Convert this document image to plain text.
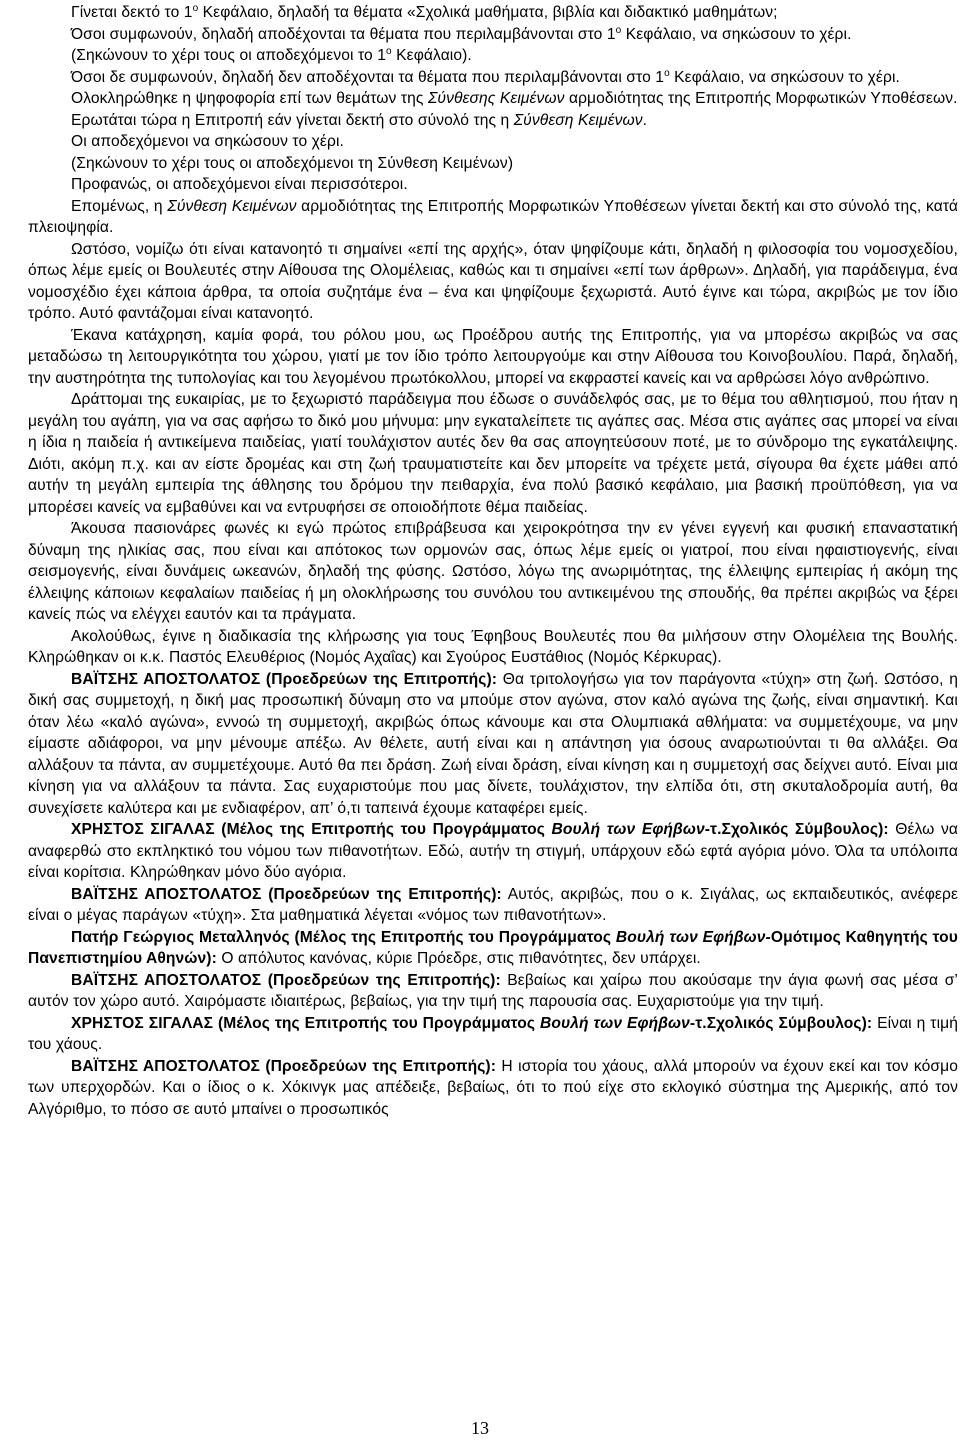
Γίνεται δεκτό το $1^o$ Κεφάλαιο, δηλαδή τα θέματα «Σχολικά μαθήματα, βιβλία και διδακτικό μαθημάτων;

Όσοι συμφωνούν, δηλαδή αποδέχονται τα θέματα που περιλαμβάνονται στο $1^o$ Κεφάλαιο, να σηκώσουν το χέρι.

(Σηκώνουν το χέρι τους οι αποδεχόμενοι το $1^o$ Κεφάλαιο).

Όσοι δε συμφωνούν, δηλαδή δεν αποδέχονται τα θέματα που περιλαμβάνονται στο $1^o$ Κεφάλαιο, να σηκώσουν το χέρι.

Ολοκληρώθηκε η ψηφοφορία επί των θεμάτων της Σύνθεσης Κειμένων αρμοδιότητας της Επιτροπής Μορφωτικών Υποθέσεων.

Ερωτάται τώρα η Επιτροπή εάν γίνεται δεκτή στο σύνολό της η Σύνθεση Κειμένων.

Οι αποδεχόμενοι να σηκώσουν το χέρι.

(Σηκώνουν το χέρι τους οι αποδεχόμενοι τη Σύνθεση Κειμένων)

Προφανώς, οι αποδεχόμενοι είναι περισσότεροι.

Επομένως, η Σύνθεση Κειμένων αρμοδιότητας της Επιτροπής Μορφωτικών Υποθέσεων γίνεται δεκτή και στο σύνολό της, κατά πλειοψηφία.

Ωστόσο, νομίζω ότι είναι κατανοητό τι σημαίνει «επί της αρχής», όταν ψηφίζουμε κάτι, δηλαδή η φιλοσοφία του νομοσχεδίου, όπως λέμε εμείς οι Βουλευτές στην Αίθουσα της Ολομέλειας, καθώς και τι σημαίνει «επί των άρθρων». Δηλαδή, για παράδειγμα, ένα νομοσχέδιο έχει κάποια άρθρα, τα οποία συζητάμε ένα – ένα και ψηφίζουμε ξεχωριστά. Αυτό έγινε και τώρα, ακριβώς με τον ίδιο τρόπο. Αυτό φαντάζομαι είναι κατανοητό.

Έκανα κατάχρηση, καμία φορά, του ρόλου μου, ως Προέδρου αυτής της Επιτροπής, για να μπορέσω ακριβώς να σας μεταδώσω τη λειτουργικότητα του χώρου, γιατί με τον ίδιο τρόπο λειτουργούμε και στην Αίθουσα του Κοινοβουλίου. Παρά, δηλαδή, την αυστηρότητα της τυπολογίας και του λεγομένου πρωτόκολλου, μπορεί να εκφραστεί κανείς και να αρθρώσει λόγο ανθρώπινο.

Δράττομαι της ευκαιρίας, με το ξεχωριστό παράδειγμα που έδωσε ο συνάδελφός σας, με το θέμα του αθλητισμού, που ήταν η μεγάλη του αγάπη, για να σας αφήσω το δικό μου μήνυμα: μην εγκαταλείπετε τις αγάπες σας. Μέσα στις αγάπες σας μπορεί να είναι η ίδια η παιδεία ή αντικείμενα παιδείας, γιατί τουλάχιστον αυτές δεν θα σας απογητεύσουν ποτέ, με το σύνδρομο της εγκατάλειψης. Διότι, ακόμη π.χ. και αν είστε δρομέας και στη ζωή τραυματιστείτε και δεν μπορείτε να τρέχετε μετά, σίγουρα θα έχετε μάθει από αυτήν τη μεγάλη εμπειρία της άθλησης του δρόμου την πειθαρχία, ένα πολύ βασικό κεφάλαιο, μια βασική προϋπόθεση, για να μπορέσει κανείς να εμβαθύνει και να εντρυφήσει σε οποιοδήποτε θέμα παιδείας.

Άκουσα πασιονάρες φωνές κι εγώ πρώτος επιβράβευσα και χειροκρότησα την εν γένει εγγενή και φυσική επαναστατική δύναμη της ηλικίας σας, που είναι και απότοκος των ορμονών σας, όπως λέμε εμείς οι γιατροί, που είναι ηφαιστιογενής, είναι σεισμογενής, είναι δυνάμεις ωκεανών, δηλαδή της φύσης. Ωστόσο, λόγω της ανωριμότητας, της έλλειψης εμπειρίας ή ακόμη της έλλειψης κάποιων κεφαλαίων παιδείας ή μη ολοκλήρωσης του συνόλου του αντικειμένου της σπουδής, θα πρέπει ακριβώς να ξέρει κανείς πώς να ελέγχει εαυτόν και τα πράγματα.

Ακολούθως, έγινε η διαδικασία της κλήρωσης για τους Έφηβους Βουλευτές που θα μιλήσουν στην Ολομέλεια της Βουλής. Κληρώθηκαν οι κ.κ. Παστός Ελευθέριος (Νομός Αχαΐας) και Σγούρος Ευστάθιος (Νομός Κέρκυρας).

ΒΑΪΤΣΗΣ ΑΠΟΣΤΟΛΑΤΟΣ (Προεδρεύων της Επιτροπής): Θα τριτολογήσω για τον παράγοντα «τύχη» στη ζωή. Ωστόσο, η δική σας συμμετοχή, η δική μας προσωπική δύναμη στο να μπούμε στον αγώνα, στον καλό αγώνα της ζωής, είναι σημαντική. Και όταν λέω «καλό αγώνα», εννοώ τη συμμετοχή, ακριβώς όπως κάνουμε και στα Ολυμπιακά αθλήματα: να συμμετέχουμε, να μην είμαστε αδιάφοροι, να μην μένουμε απέξω. Αν θέλετε, αυτή είναι και η απάντηση για όσους αναρωτιούνται τι θα αλλάξει. Θα αλλάξουν τα πάντα, αν συμμετέχουμε. Αυτό θα πει δράση. Ζωή είναι δράση, είναι κίνηση και η συμμετοχή σας δείχνει αυτό. Είναι μια κίνηση για να αλλάξουν τα πάντα. Σας ευχαριστούμε που μας δίνετε, τουλάχιστον, την ελπίδα ότι, στη σκυταλοδρομία αυτή, θα συνεχίσετε καλύτερα και με ενδιαφέρον, απ’ ό,τι ταπεινά έχουμε καταφέρει εμείς.

ΧΡΗΣΤΟΣ ΣΙΓΑΛΑΣ (Μέλος της Επιτροπής του Προγράμματος Βουλή των Εφήβων-τ.Σχολικός Σύμβουλος): Θέλω να αναφερθώ στο εκπληκτικό του νόμου των πιθανοτήτων. Εδώ, αυτήν τη στιγμή, υπάρχουν εδώ εφτά αγόρια μόνο. Όλα τα υπόλοιπα είναι κορίτσια. Κληρώθηκαν μόνο δύο αγόρια.

ΒΑΪΤΣΗΣ ΑΠΟΣΤΟΛΑΤΟΣ (Προεδρεύων της Επιτροπής): Αυτός, ακριβώς, που ο κ. Σιγάλας, ως εκπαιδευτικός, ανέφερε είναι ο μέγας παράγων «τύχη». Στα μαθηματικά λέγεται «νόμος των πιθανοτήτων».

Πατήρ Γεώργιος Μεταλληνός (Μέλος της Επιτροπής του Προγράμματος Βουλή των Εφήβων-Ομότιμος Καθηγητής του Πανεπιστημίου Αθηνών): Ο απόλυτος κανόνας, κύριε Πρόεδρε, στις πιθανότητες, δεν υπάρχει.

ΒΑΪΤΣΗΣ ΑΠΟΣΤΟΛΑΤΟΣ (Προεδρεύων της Επιτροπής): Βεβαίως και χαίρω που ακούσαμε την άγια φωνή σας μέσα σ’ αυτόν τον χώρο αυτό. Χαιρόμαστε ιδιαιτέρως, βεβαίως, για την τιμή της παρουσία σας. Ευχαριστούμε για την τιμή.

ΧΡΗΣΤΟΣ ΣΙΓΑΛΑΣ (Μέλος της Επιτροπής του Προγράμματος Βουλή των Εφήβων-τ.Σχολικός Σύμβουλος): Είναι η τιμή του χάους.

ΒΑΪΤΣΗΣ ΑΠΟΣΤΟΛΑΤΟΣ (Προεδρεύων της Επιτροπής): Η ιστορία του χάους, αλλά μπορούν να έχουν εκεί και τον κόσμο των υπερχορδών. Και ο ίδιος ο κ. Χόκινγκ μας απέδειξε, βεβαίως, ότι το πού είχε στο εκλογικό σύστημα της Αμερικής, από τον Αλγόριθμο, το πόσο σε αυτό μπαίνει ο προσωπικός

13
